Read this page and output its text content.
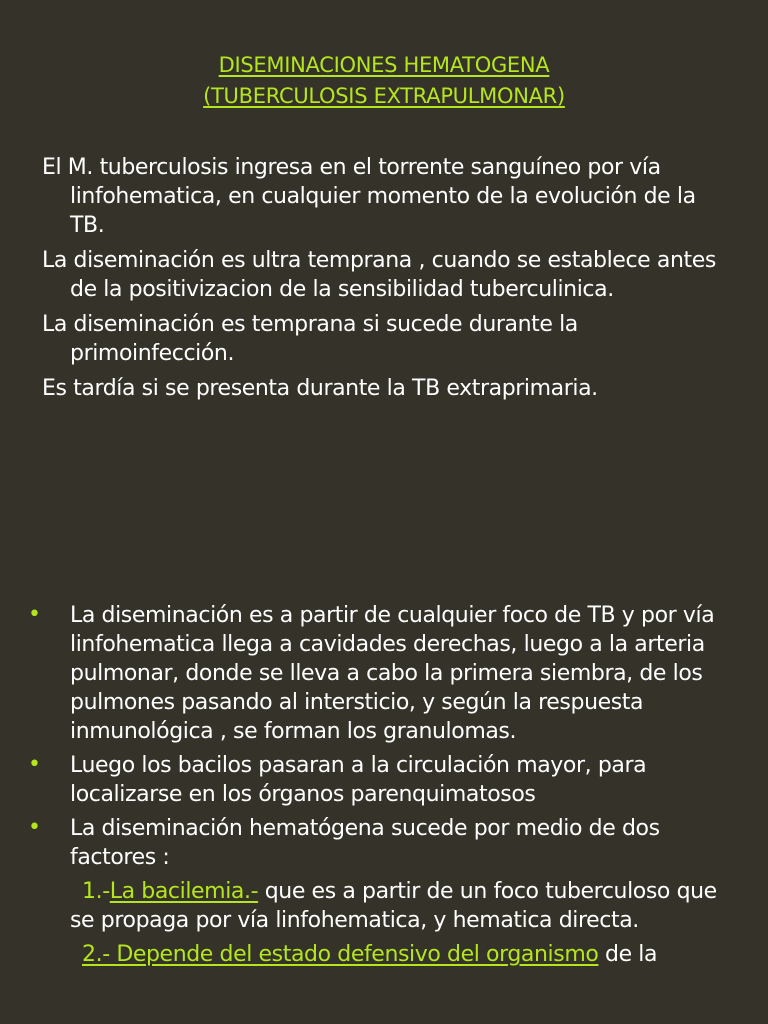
DISEMINACIONES HEMATOGENA
(TUBERCULOSIS EXTRAPULMONAR)

El M. tuberculosis ingresa en el torrente sanguíneo por vía linfohematica, en cualquier momento de la evolución de la TB.

La diseminación es ultra temprana , cuando se establece antes de la positivizacion de la sensibilidad tuberculinica.

La diseminación es temprana si sucede durante la primoinfección.

Es tardía si se presenta durante la TB extraprimaria.

• La diseminación es a partir de cualquier foco de TB y por vía linfohematica llega a cavidades derechas, luego a la arteria pulmonar, donde se lleva a cabo la primera siembra, de los pulmones pasando al intersticio, y según la respuesta inmunológica , se forman los granulomas.
• Luego los bacilos pasaran a la circulación mayor, para localizarse en los órganos parenquimatosos
• La diseminación hematógena sucede por medio de dos factores :
1.-La bacilemia.- que es a partir de un foco tuberculoso que se propaga por vía linfohematica, y hematica directa.
2.- Depende del estado defensivo del organismo de la
